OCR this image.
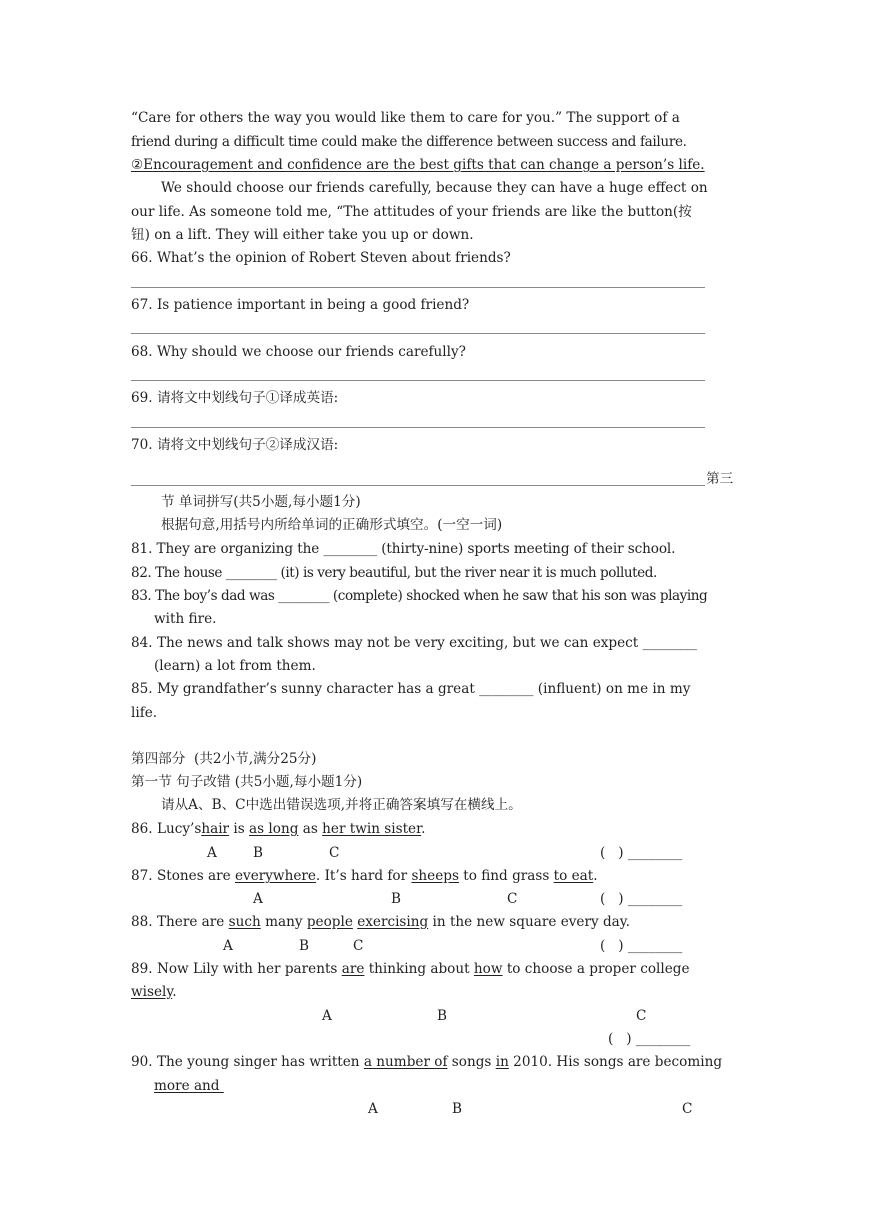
“Care for others the way you would like them to care for you.” The support of a
friend during a difficult time could make the difference between success and failure.
②Encouragement and confidence are the best gifts that can change a person’s life.
We should choose our friends carefully, because they can have a huge effect on
our life. As someone told me, “The attitudes of your friends are like the button(按
钮) on a lift. They will either take you up or down.
66. What’s the opinion of Robert Steven about friends?
67. Is patience important in being a good friend?
68. Why should we choose our friends carefully?
69. 请将文中划线句子①译成英语:
70. 请将文中划线句子②译成汉语:
第三
节 单词拼写(共5小题,每小题1分)
根据句意,用括号内所给单词的正确形式填空。(一空一词)
81. They are organizing the ________ (thirty-nine) sports meeting of their school.
82. The house ________ (it) is very beautiful, but the river near it is much polluted.
83. The boy’s dad was ________ (complete) shocked when he saw that his son was playing
with fire.
84. The news and talk shows may not be very exciting, but we can expect ________
(learn) a lot from them.
85. My grandfather’s sunny character has a great ________ (influent) on me in my
life.
第四部分  (共2小节,满分25分)
第一节 句子改错 (共5小题,每小题1分)
请从A、B、C中选出错误选项,并将正确答案填写在横线上。
86. Lucy’shair is as long as her twin sister.
A	B	C	(   ) ________
87. Stones are everywhere. It’s hard for sheeps to find grass to eat.
A	B	C	(   ) ________
88. There are such many people exercising in the new square every day.
A	B	C	(   ) ________
89. Now Lily with her parents are thinking about how to choose a proper college
wisely.
A	B	C
(   ) ________
90. The young singer has written a number of songs in 2010. His songs are becoming
more and
A	B	C
